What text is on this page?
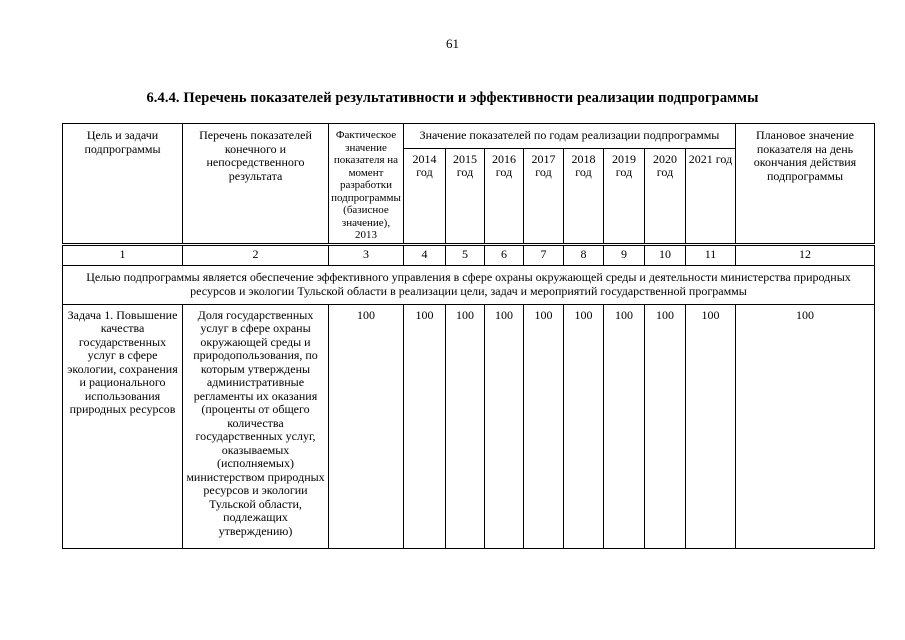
61
6.4.4. Перечень показателей результативности и эффективности реализации подпрограммы
Цель и задачи подпрограммы	Перечень показателей конечного и непосредственного результата	Фактическое значение показателя на момент разработки подпрограммы (базисное значение), 2013	Значение показателей по годам реализации подпрограммы								Плановое значение показателя на день окончания действия подпрограммы
			2014 год	2015 год	2016 год	2017 год	2018 год	2019 год	2020 год	2021 год	
1	2	3	4	5	6	7	8	9	10	11	12
Целью подпрограммы является обеспечение эффективного управления в сфере охраны окружающей среды и деятельности министерства природных ресурсов и экологии Тульской области в реализации цели, задач и мероприятий государственной программы											
Задача 1. Повышение качества государственных услуг в сфере экологии, сохранения и рационального использования природных ресурсов	Доля государственных услуг в сфере охраны окружающей среды и природопользования, по которым утверждены административные регламенты их оказания (проценты от общего количества государственных услуг, оказываемых (исполняемых) министерством природных ресурсов и экологии Тульской области, подлежащих утверждению)	100	100	100	100	100	100	100	100	100	100
